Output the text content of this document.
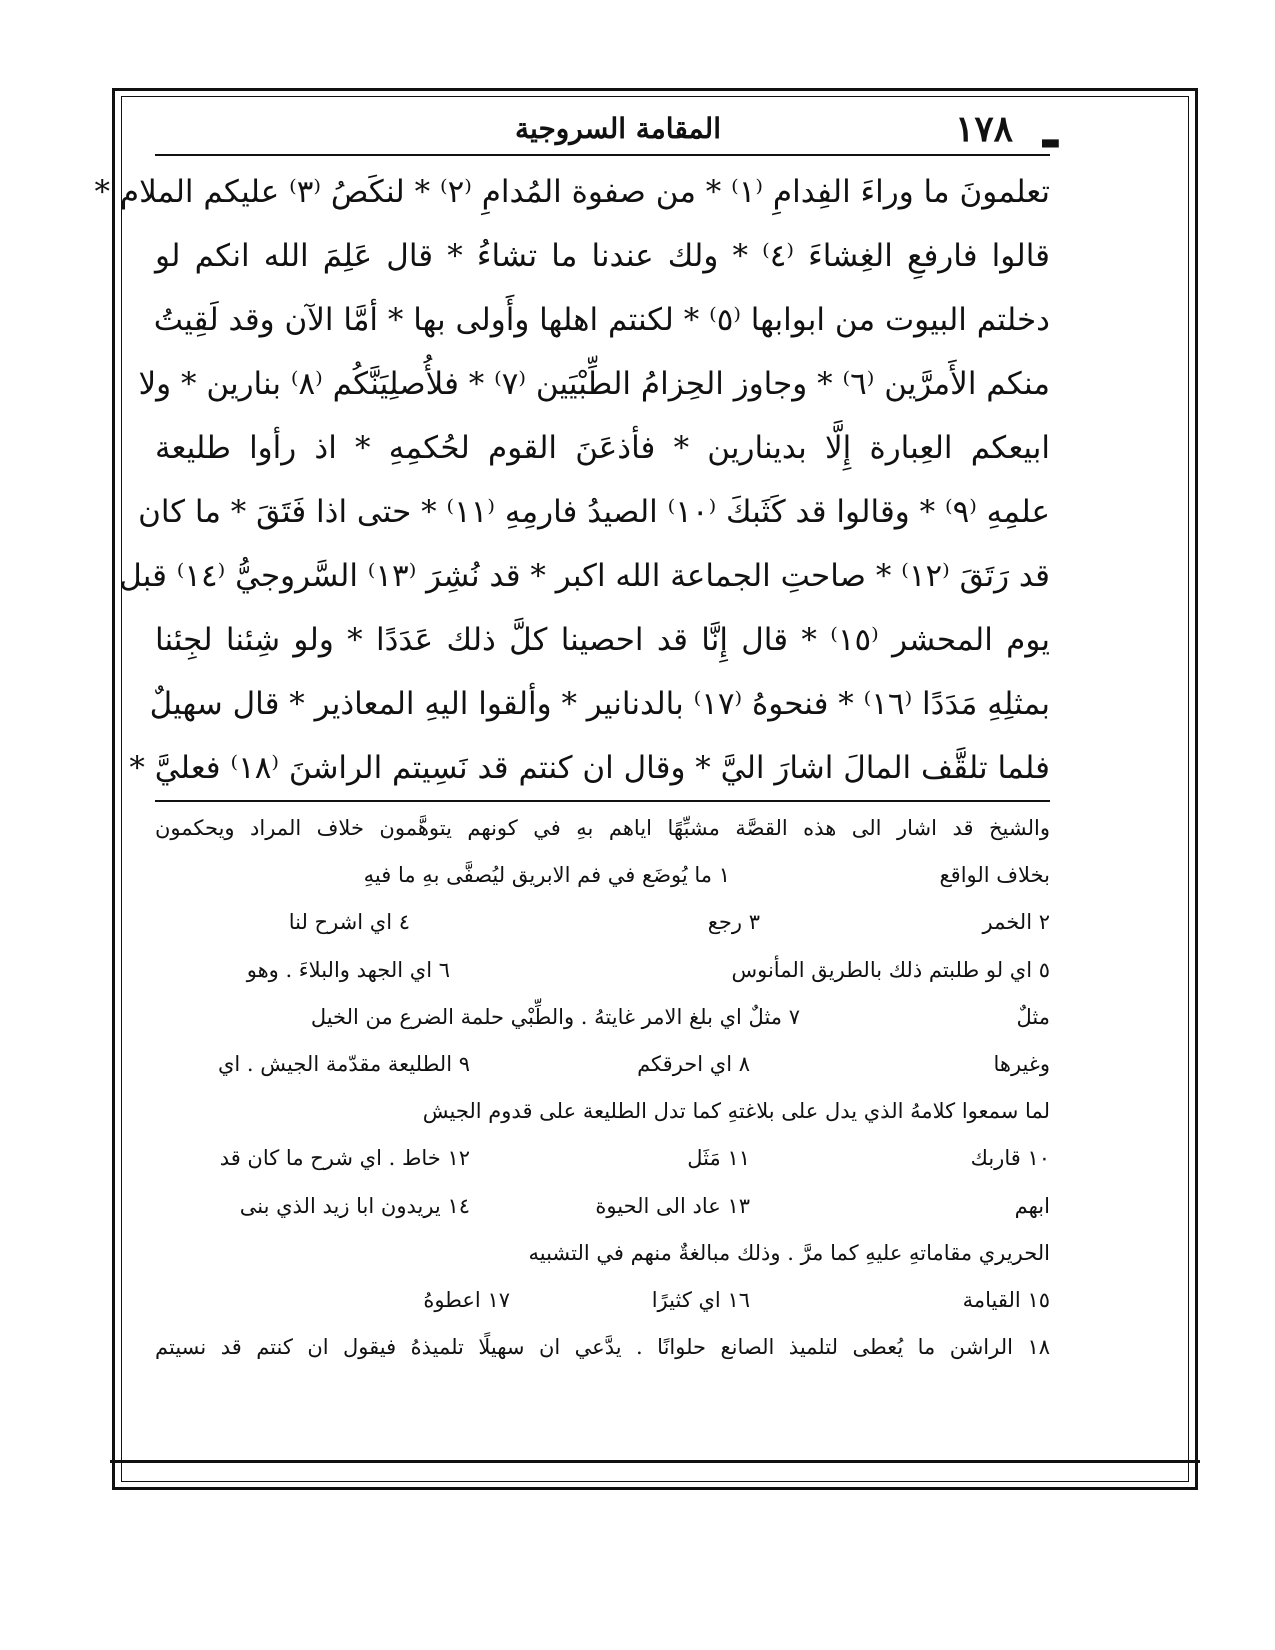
١٧٨
المقامة السروجية	▬
تعلمونَ ما وراءَ الفِدامِ ⁽١⁾ * من صفوة المُدامِ ⁽٢⁾ * لنكَصُ ⁽٣⁾ عليكم الملام *
قالوا فارفعِ الغِشاءَ ⁽٤⁾ * ولك عندنا ما تشاءُ * قال عَلِمَ الله انكم لو
دخلتم البيوت من ابوابها ⁽٥⁾ * لكنتم اهلها وأَولى بها * أمَّا الآن وقد لَقِيتُ
منكم الأَمرَّين ⁽٦⁾ * وجاوز الحِزامُ الطِّبْيَين ⁽٧⁾ * فلأُصلِيَنَّكُم ⁽٨⁾ بنارين * ولا
ابيعكم العِبارة إِلَّا بدينارين * فأذعَنَ القوم لحُكمِهِ * اذ رأوا طليعة
علمِهِ ⁽٩⁾ * وقالوا قد كَثَبكَ ⁽١٠⁾ الصيدُ فارمِهِ ⁽١١⁾ * حتى اذا فَتَقَ * ما كان
قد رَتَقَ ⁽١٢⁾ * صاحتِ الجماعة الله اكبر * قد نُشِرَ ⁽١٣⁾ السَّروجيُّ ⁽١٤⁾ قبل
يوم المحشر ⁽١٥⁾ * قال إِنَّا قد احصينا كلَّ ذلك عَدَدًا * ولو شِئنا لجِئنا
بمثلِهِ مَدَدًا ⁽١٦⁾ * فنحوهُ ⁽١٧⁾ بالدنانير * وألقوا اليهِ المعاذير * قال سهيلٌ
فلما تلقَّف المالَ اشارَ اليَّ * وقال ان كنتم قد نَسِيتم الراشنَ ⁽١٨⁾ فعليَّ *
والشيخ قد اشار الى هذه القصَّة مشبِّهًا اياهم بهِ في كونهم يتوهَّمون خلاف المراد ويحكمون
بخلاف الواقع
١ ما يُوضَع في فم الابريق ليُصفَّى بهِ ما فيهِ
٢ الخمر
٣ رجع
٤ اي اشرح لنا
٥ اي لو طلبتم ذلك بالطريق المأنوس
٦ اي الجهد والبلاءَ . وهو
مثلٌ
٧ مثلٌ اي بلغ الامر غايتهُ . والطِّبْي حلمة الضرع من الخيل
وغيرها
٨ اي احرقكم
٩ الطليعة مقدّمة الجيش . اي
لما سمعوا كلامهُ الذي يدل على بلاغتهِ كما تدل الطليعة على قدوم الجيش
١٠ قاربك
١١ مَثَل
١٢ خاط . اي شرح ما كان قد
ابهم
١٣ عاد الى الحيوة
١٤ يريدون ابا زيد الذي بنى
الحريري مقاماتهِ عليهِ كما مرَّ . وذلك مبالغةٌ منهم في التشبيه
١٥ القيامة
١٦ اي كثيرًا
١٧ اعطوهُ
١٨ الراشن ما يُعطى لتلميذ الصانع حلوانًا . يدَّعي ان سهيلًا تلميذهُ فيقول ان كنتم قد نسيتم
